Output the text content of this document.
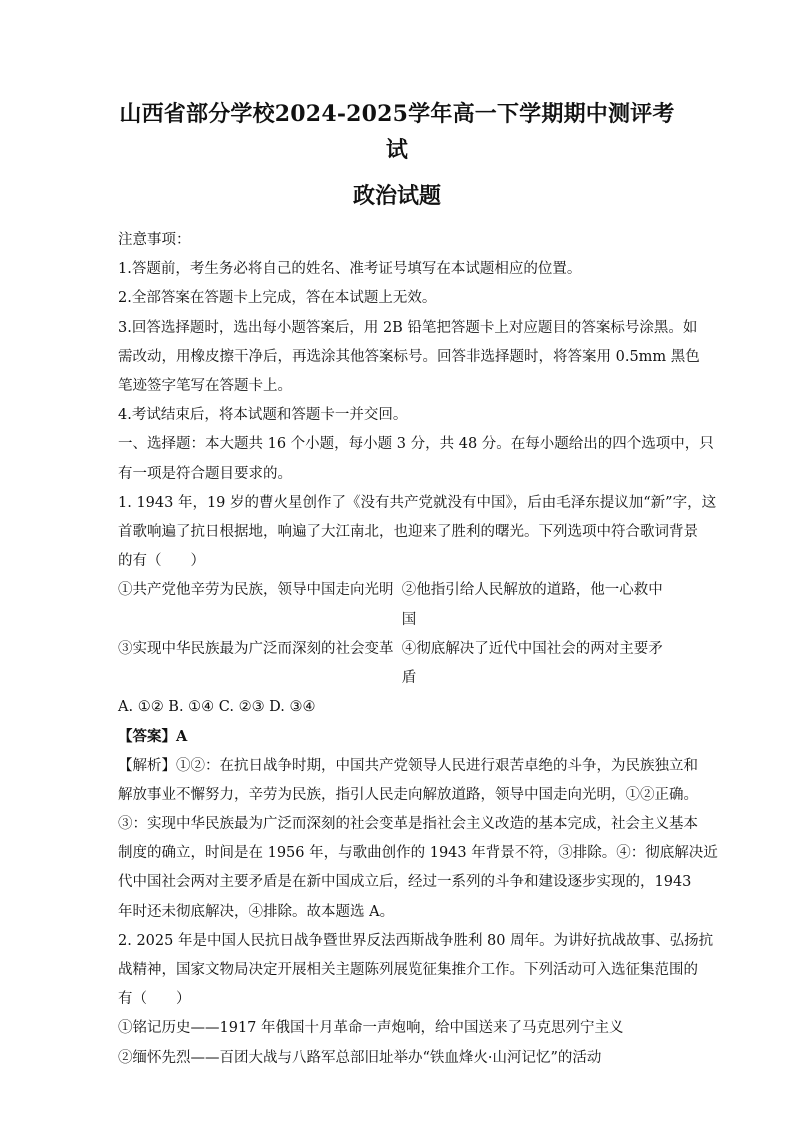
山西省部分学校2024-2025学年高一下学期期中测评考试
政治试题

注意事项：

1.答题前，考生务必将自己的姓名、准考证号填写在本试题相应的位置。

2.全部答案在答题卡上完成，答在本试题上无效。

3.回答选择题时，选出每小题答案后，用 2B 铅笔把答题卡上对应题目的答案标号涂黑。如

需改动，用橡皮擦干净后，再选涂其他答案标号。回答非选择题时，将答案用 0.5mm 黑色

笔迹签字笔写在答题卡上。

4.考试结束后，将本试题和答题卡一并交回。

一、选择题：本大题共 16 个小题，每小题 3 分，共 48 分。在每小题给出的四个选项中，只

有一项是符合题目要求的。

1. 1943 年，19 岁的曹火星创作了《没有共产党就没有中国》，后由毛泽东提议加“新”字，这

首歌响遍了抗日根据地，响遍了大江南北，也迎来了胜利的曙光。下列选项中符合歌词背景

的有（　　）

①共产党他辛劳为民族，领导中国走向光明 ②他指引给人民解放的道路，他一心救中国
③实现中华民族最为广泛而深刻的社会变革 ④彻底解决了近代中国社会的两对主要矛盾

A. ①② B. ①④ C. ②③ D. ③④

【答案】A

【解析】①②：在抗日战争时期，中国共产党领导人民进行艰苦卓绝的斗争，为民族独立和

解放事业不懈努力，辛劳为民族，指引人民走向解放道路，领导中国走向光明，①②正确。

③：实现中华民族最为广泛而深刻的社会变革是指社会主义改造的基本完成，社会主义基本

制度的确立，时间是在 1956 年，与歌曲创作的 1943 年背景不符，③排除。④：彻底解决近

代中国社会两对主要矛盾是在新中国成立后，经过一系列的斗争和建设逐步实现的，1943

年时还未彻底解决，④排除。故本题选 A。

2. 2025 年是中国人民抗日战争暨世界反法西斯战争胜利 80 周年。为讲好抗战故事、弘扬抗

战精神，国家文物局决定开展相关主题陈列展览征集推介工作。下列活动可入选征集范围的

有（　　）

①铭记历史——1917 年俄国十月革命一声炮响，给中国送来了马克思列宁主义

②缅怀先烈——百团大战与八路军总部旧址举办“铁血烽火·山河记忆”的活动
